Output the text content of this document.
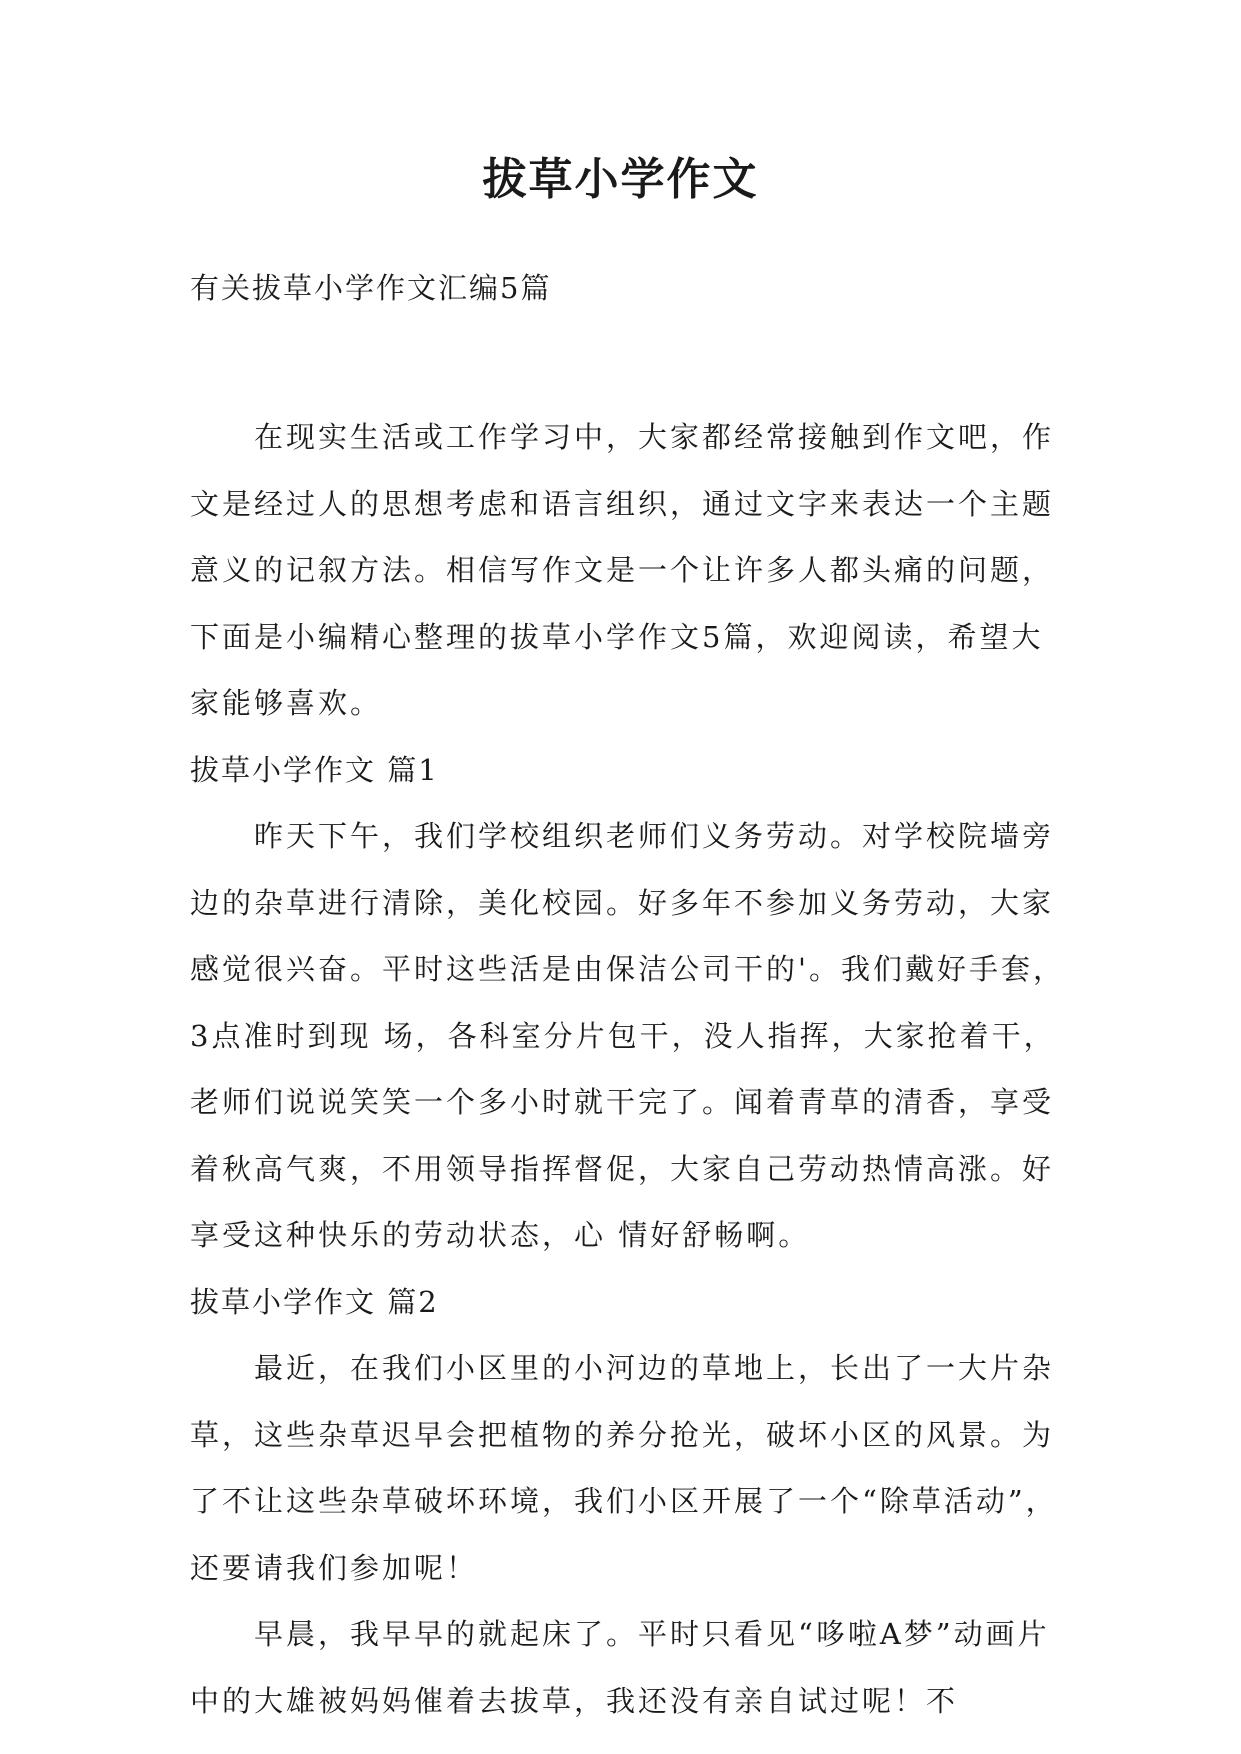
拔草小学作文
有关拔草小学作文汇编5篇

在现实生活或工作学习中，大家都经常接触到作文吧，作文是经过人的思想考虑和语言组织，通过文字来表达一个主题意义的记叙方法。相信写作文是一个让许多人都头痛的问题，下面是小编精心整理的拔草小学作文5篇，欢迎阅读，希望大家能够喜欢。

拔草小学作文 篇1

昨天下午，我们学校组织老师们义务劳动。对学校院墙旁边的杂草进行清除，美化校园。好多年不参加义务劳动，大家感觉很兴奋。平时这些活是由保洁公司干的'。我们戴好手套，3点准时到现 场，各科室分片包干，没人指挥，大家抢着干，老师们说说笑笑一个多小时就干完了。闻着青草的清香，享受着秋高气爽，不用领导指挥督促，大家自己劳动热情高涨。好享受这种快乐的劳动状态，心 情好舒畅啊。

拔草小学作文 篇2

最近，在我们小区里的小河边的草地上，长出了一大片杂草，这些杂草迟早会把植物的养分抢光，破坏小区的风景。为了不让这些杂草破坏环境，我们小区开展了一个“除草活动”，还要请我们参加呢！

早晨，我早早的就起床了。平时只看见“哆啦A梦”动画片中的大雄被妈妈催着去拔草，我还没有亲自试过呢！不
